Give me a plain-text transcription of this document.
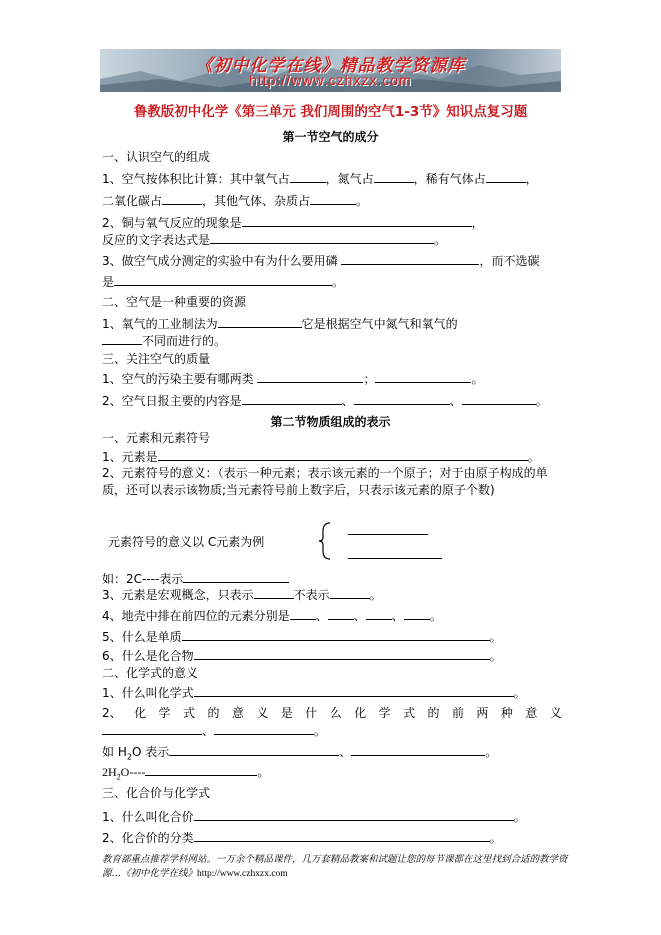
《初中化学在线》精品教学资源库
http://www.czhxzx.com
鲁教版初中化学《第三单元 我们周围的空气1-3节》知识点复习题
第一节空气的成分
一、认识空气的组成
1、空气按体积比计算：其中氧气占	，氮气占	，稀有气体占	，
二氧化碳占	，其他气体、杂质占	。
2、铜与氧气反应的现象是	，
反应的文字表达式是	。
3、做空气成分测定的实验中有为什么要用磷	，而不选碳
是	。
二、空气是一种重要的资源
1、氧气的工业制法为	它是根据空气中氮气和氧气的
不同而进行的。
三、关注空气的质量
1、空气的污染主要有哪两类	；	。
2、空气日报主要的内容是	、	、	。
第二节物质组成的表示
一、元素和元素符号
1、元素是	。
2、元素符号的意义：（表示一种元素；表示该元素的一个原子；对于由原子构成的单质，还可以表示该物质;当元素符号前上数字后，只表示该元素的原子个数)
元素符号的意义以 C元素为例
如：2C----表示
3、元素是宏观概念，只表示	不表示	。
4、地壳中排在前四位的元素分别是 、 、 、 。
5、什么是单质	。
6、什么是化合物	。
二、化学式的意义
1、什么叫化学式	。
2、 化 学 式 的 意 义 是 什 么 化 学 式 的 前 两 种 意 义
、	。
如 $H_2O$ 表示	、	。
$2H_2O----$	。
三、化合价与化学式
1、什么叫化合价	。
2、化合价的分类	。
教育部重点推荐学科网站。一万余个精品课件，几万套精品教案和试题让您的每节课都在这里找到合适的教学资源…《初中化学在线》http://www.czhxzx.com
